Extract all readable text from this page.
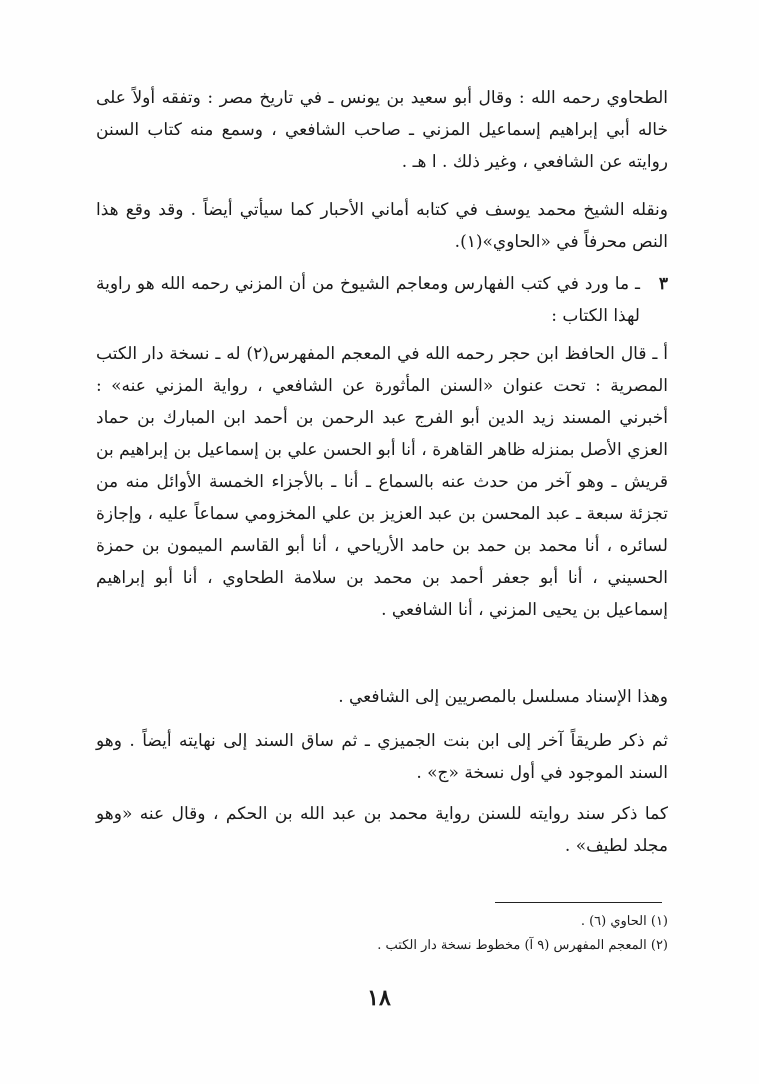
الطحاوي رحمه الله : وقال أبو سعيد بن يونس ـ في تاريخ مصر : وتفقه أولاً على خاله أبي إبراهيم إسماعيل المزني ـ صاحب الشافعي ، وسمع منه كتاب السنن روايته عن الشافعي ، وغير ذلك . ا هـ .
ونقله الشيخ محمد يوسف في كتابه أماني الأحبار كما سيأتي أيضاً . وقد وقع هذا النص محرفاً في «الحاوي»(١).
٣
ـ ما ورد في كتب الفهارس ومعاجم الشيوخ من أن المزني رحمه الله هو راوية لهذا الكتاب :
أ ـ قال الحافظ ابن حجر رحمه الله في المعجم المفهرس(٢) له ـ نسخة دار الكتب المصرية : تحت عنوان «السنن المأثورة عن الشافعي ، رواية المزني عنه» : أخبرني المسند زيد الدين أبو الفرج عبد الرحمن بن أحمد ابن المبارك بن حماد العزي الأصل بمنزله ظاهر القاهرة ، أنا أبو الحسن علي بن إسماعيل بن إبراهيم بن قريش ـ وهو آخر من حدث عنه بالسماع ـ أنا ـ بالأجزاء الخمسة الأوائل منه من تجزئة سبعة ـ عبد المحسن بن عبد العزيز بن علي المخزومي سماعاً عليه ، وإجازة لسائره ، أنا محمد بن حمد بن حامد الأرياحي ، أنا أبو القاسم الميمون بن حمزة الحسيني ، أنا أبو جعفر أحمد بن محمد بن سلامة الطحاوي ، أنا أبو إبراهيم إسماعيل بن يحيى المزني ، أنا الشافعي .
وهذا الإسناد مسلسل بالمصريين إلى الشافعي .
ثم ذكر طريقاً آخر إلى ابن بنت الجميزي ـ ثم ساق السند إلى نهايته أيضاً . وهو السند الموجود في أول نسخة «ج» .
كما ذكر سند روايته للسنن رواية محمد بن عبد الله بن الحكم ، وقال عنه «وهو مجلد لطيف» .
(١) الحاوي (٦) .
(٢) المعجم المفهرس (٩ آ) مخطوط نسخة دار الكتب .
١٨
